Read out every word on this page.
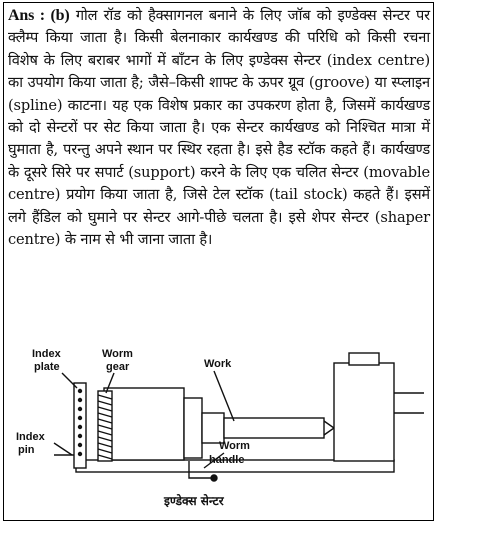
Ans : (b) गोल रॉड को हैक्सागनल बनाने के लिए जॉब को इण्डेक्स सेन्टर पर क्लैम्प किया जाता है। किसी बेलनाकार कार्यखण्ड की परिधि को किसी रचना विशेष के लिए बराबर भागों में बाँटन के लिए इण्डेक्स सेन्टर (index centre) का उपयोग किया जाता है; जैसे–किसी शाफ्ट के ऊपर ग्रूव (groove) या स्प्लाइन (spline) काटना। यह एक विशेष प्रकार का उपकरण होता है, जिसमें कार्यखण्ड को दो सेन्टरों पर सेट किया जाता है। एक सेन्टर कार्यखण्ड को निश्चित मात्रा में घुमाता है, परन्तु अपने स्थान पर स्थिर रहता है। इसे हैड स्टॉक कहते हैं। कार्यखण्ड के दूसरे सिरे पर सपार्ट (support) करने के लिए एक चलित सेन्टर (movable centre) प्रयोग किया जाता है, जिसे टेल स्टॉक (tail stock) कहते हैं। इसमें लगे हैंडिल को घुमाने पर सेन्टर आगे-पीछे चलता है। इसे शेपर सेन्टर (shaper centre) के नाम से भी जाना जाता है।
Index
plate
Worm
gear	Work
Index
pin	Worm
handle
इण्डेक्स सेन्टर
